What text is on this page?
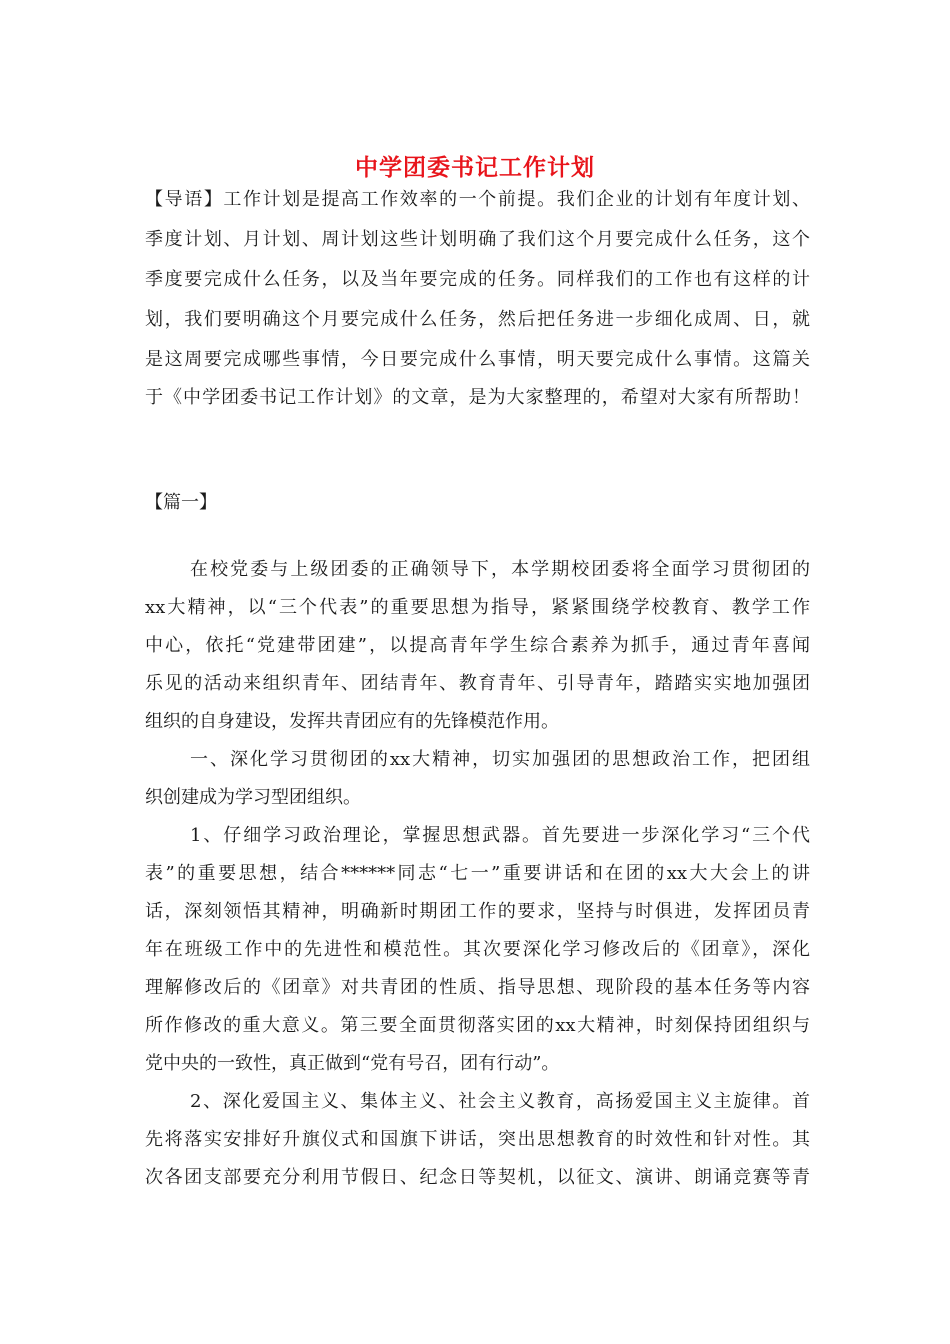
中学团委书记工作计划
【导语】工作计划是提高工作效率的一个前提。我们企业的计划有年度计划、
季度计划、月计划、周计划这些计划明确了我们这个月要完成什么任务，这个
季度要完成什么任务，以及当年要完成的任务。同样我们的工作也有这样的计
划，我们要明确这个月要完成什么任务，然后把任务进一步细化成周、日，就
是这周要完成哪些事情，今日要完成什么事情，明天要完成什么事情。这篇关
于《中学团委书记工作计划》的文章，是为大家整理的，希望对大家有所帮助！
【篇一】
在校党委与上级团委的正确领导下，本学期校团委将全面学习贯彻团的
xx大精神，以“三个代表”的重要思想为指导，紧紧围绕学校教育、教学工作
中心，依托“党建带团建”，以提高青年学生综合素养为抓手，通过青年喜闻
乐见的活动来组织青年、团结青年、教育青年、引导青年，踏踏实实地加强团
组织的自身建设，发挥共青团应有的先锋模范作用。
一、深化学习贯彻团的xx大精神，切实加强团的思想政治工作，把团组
织创建成为学习型团组织。
1、仔细学习政治理论，掌握思想武器。首先要进一步深化学习“三个代
表”的重要思想，结合******同志“七一”重要讲话和在团的xx大大会上的讲
话，深刻领悟其精神，明确新时期团工作的要求，坚持与时俱进，发挥团员青
年在班级工作中的先进性和模范性。其次要深化学习修改后的《团章》，深化
理解修改后的《团章》对共青团的性质、指导思想、现阶段的基本任务等内容
所作修改的重大意义。第三要全面贯彻落实团的xx大精神，时刻保持团组织与
党中央的一致性，真正做到“党有号召，团有行动”。
2、深化爱国主义、集体主义、社会主义教育，高扬爱国主义主旋律。首
先将落实安排好升旗仪式和国旗下讲话，突出思想教育的时效性和针对性。其
次各团支部要充分利用节假日、纪念日等契机，以征文、演讲、朗诵竞赛等青
